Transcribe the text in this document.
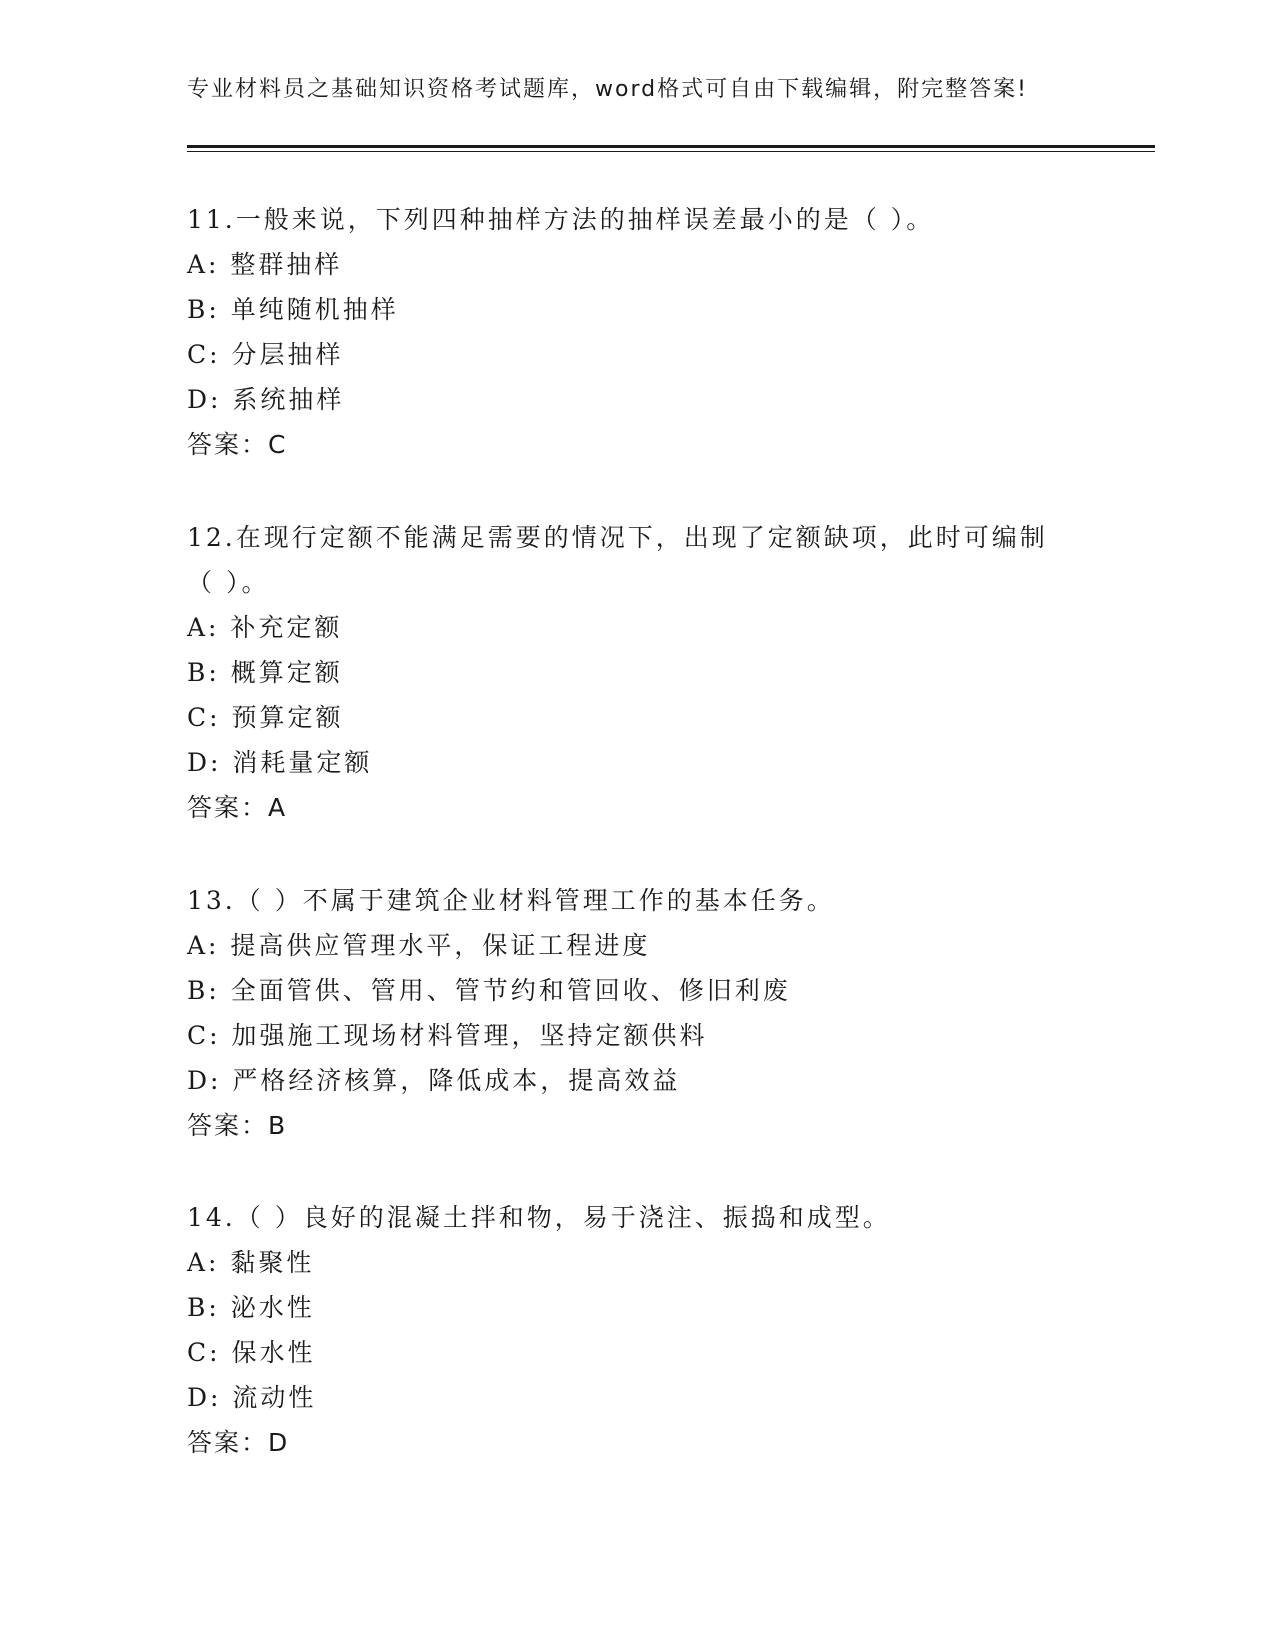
专业材料员之基础知识资格考试题库，word格式可自由下载编辑，附完整答案!
11.一般来说，下列四种抽样方法的抽样误差最小的是（ ）。
A: 整群抽样
B: 单纯随机抽样
C: 分层抽样
D: 系统抽样
答案：C
12.在现行定额不能满足需要的情况下，出现了定额缺项，此时可编制
（ ）。
A: 补充定额
B: 概算定额
C: 预算定额
D: 消耗量定额
答案：A
13.（ ）不属于建筑企业材料管理工作的基本任务。
A: 提高供应管理水平，保证工程进度
B: 全面管供、管用、管节约和管回收、修旧利废
C: 加强施工现场材料管理，坚持定额供料
D: 严格经济核算，降低成本，提高效益
答案：B
14.（ ）良好的混凝土拌和物，易于浇注、振捣和成型。
A: 黏聚性
B: 泌水性
C: 保水性
D: 流动性
答案：D
